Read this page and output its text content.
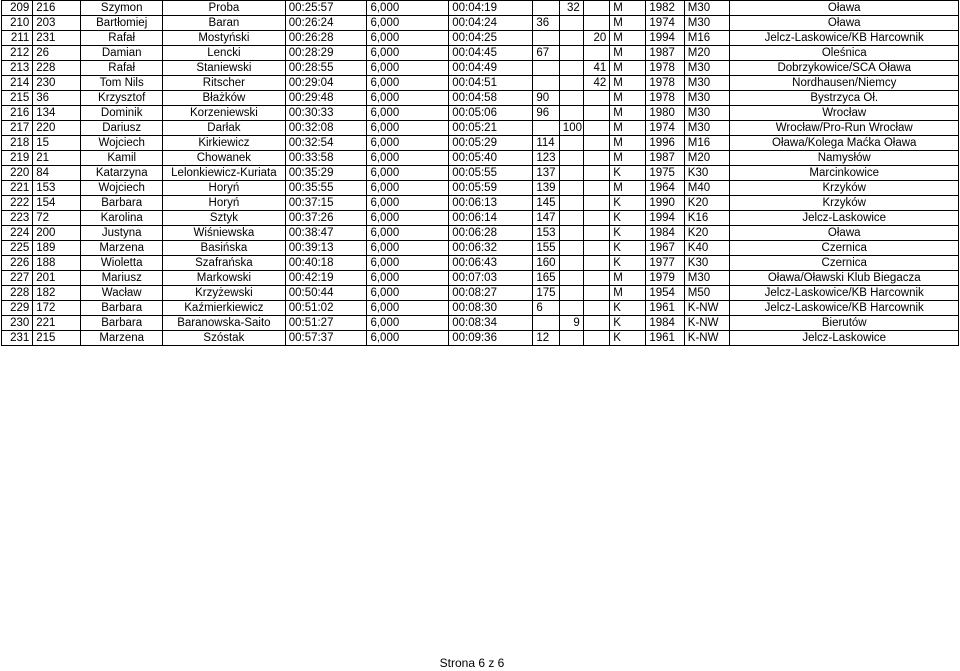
209	216	Szymon	Proba	00:25:57	6,000	00:04:19		32		M	1982	M30	Oława
210	203	Bartłomiej	Baran	00:26:24	6,000	00:04:24	36			M	1974	M30	Oława
211	231	Rafał	Mostyński	00:26:28	6,000	00:04:25			20	M	1994	M16	Jelcz-Laskowice/KB Harcownik
212	26	Damian	Lencki	00:28:29	6,000	00:04:45	67			M	1987	M20	Oleśnica
213	228	Rafał	Staniewski	00:28:55	6,000	00:04:49			41	M	1978	M30	Dobrzykowice/SCA Oława
214	230	Tom Nils	Ritscher	00:29:04	6,000	00:04:51			42	M	1978	M30	Nordhausen/Niemcy
215	36	Krzysztof	Błażków	00:29:48	6,000	00:04:58	90			M	1978	M30	Bystrzyca Oł.
216	134	Dominik	Korzeniewski	00:30:33	6,000	00:05:06	96			M	1980	M30	Wrocław
217	220	Dariusz	Darłak	00:32:08	6,000	00:05:21		100		M	1974	M30	Wrocław/Pro-Run Wrocław
218	15	Wojciech	Kirkiewicz	00:32:54	6,000	00:05:29	114			M	1996	M16	Oława/Kolega Maćka Oława
219	21	Kamil	Chowanek	00:33:58	6,000	00:05:40	123			M	1987	M20	Namysłów
220	84	Katarzyna	Lelonkiewicz-Kuriata	00:35:29	6,000	00:05:55	137			K	1975	K30	Marcinkowice
221	153	Wojciech	Horyń	00:35:55	6,000	00:05:59	139			M	1964	M40	Krzyków
222	154	Barbara	Horyń	00:37:15	6,000	00:06:13	145			K	1990	K20	Krzyków
223	72	Karolina	Sztyk	00:37:26	6,000	00:06:14	147			K	1994	K16	Jelcz-Laskowice
224	200	Justyna	Wiśniewska	00:38:47	6,000	00:06:28	153			K	1984	K20	Oława
225	189	Marzena	Basińska	00:39:13	6,000	00:06:32	155			K	1967	K40	Czernica
226	188	Wioletta	Szafrańska	00:40:18	6,000	00:06:43	160			K	1977	K30	Czernica
227	201	Mariusz	Markowski	00:42:19	6,000	00:07:03	165			M	1979	M30	Oława/Oławski Klub Biegacza
228	182	Wacław	Krzyżewski	00:50:44	6,000	00:08:27	175			M	1954	M50	Jelcz-Laskowice/KB Harcownik
229	172	Barbara	Kaźmierkiewicz	00:51:02	6,000	00:08:30	6			K	1961	K-NW	Jelcz-Laskowice/KB Harcownik
230	221	Barbara	Baranowska-Saito	00:51:27	6,000	00:08:34		9		K	1984	K-NW	Bierutów
231	215	Marzena	Szóstak	00:57:37	6,000	00:09:36	12			K	1961	K-NW	Jelcz-Laskowice
Strona 6 z 6
